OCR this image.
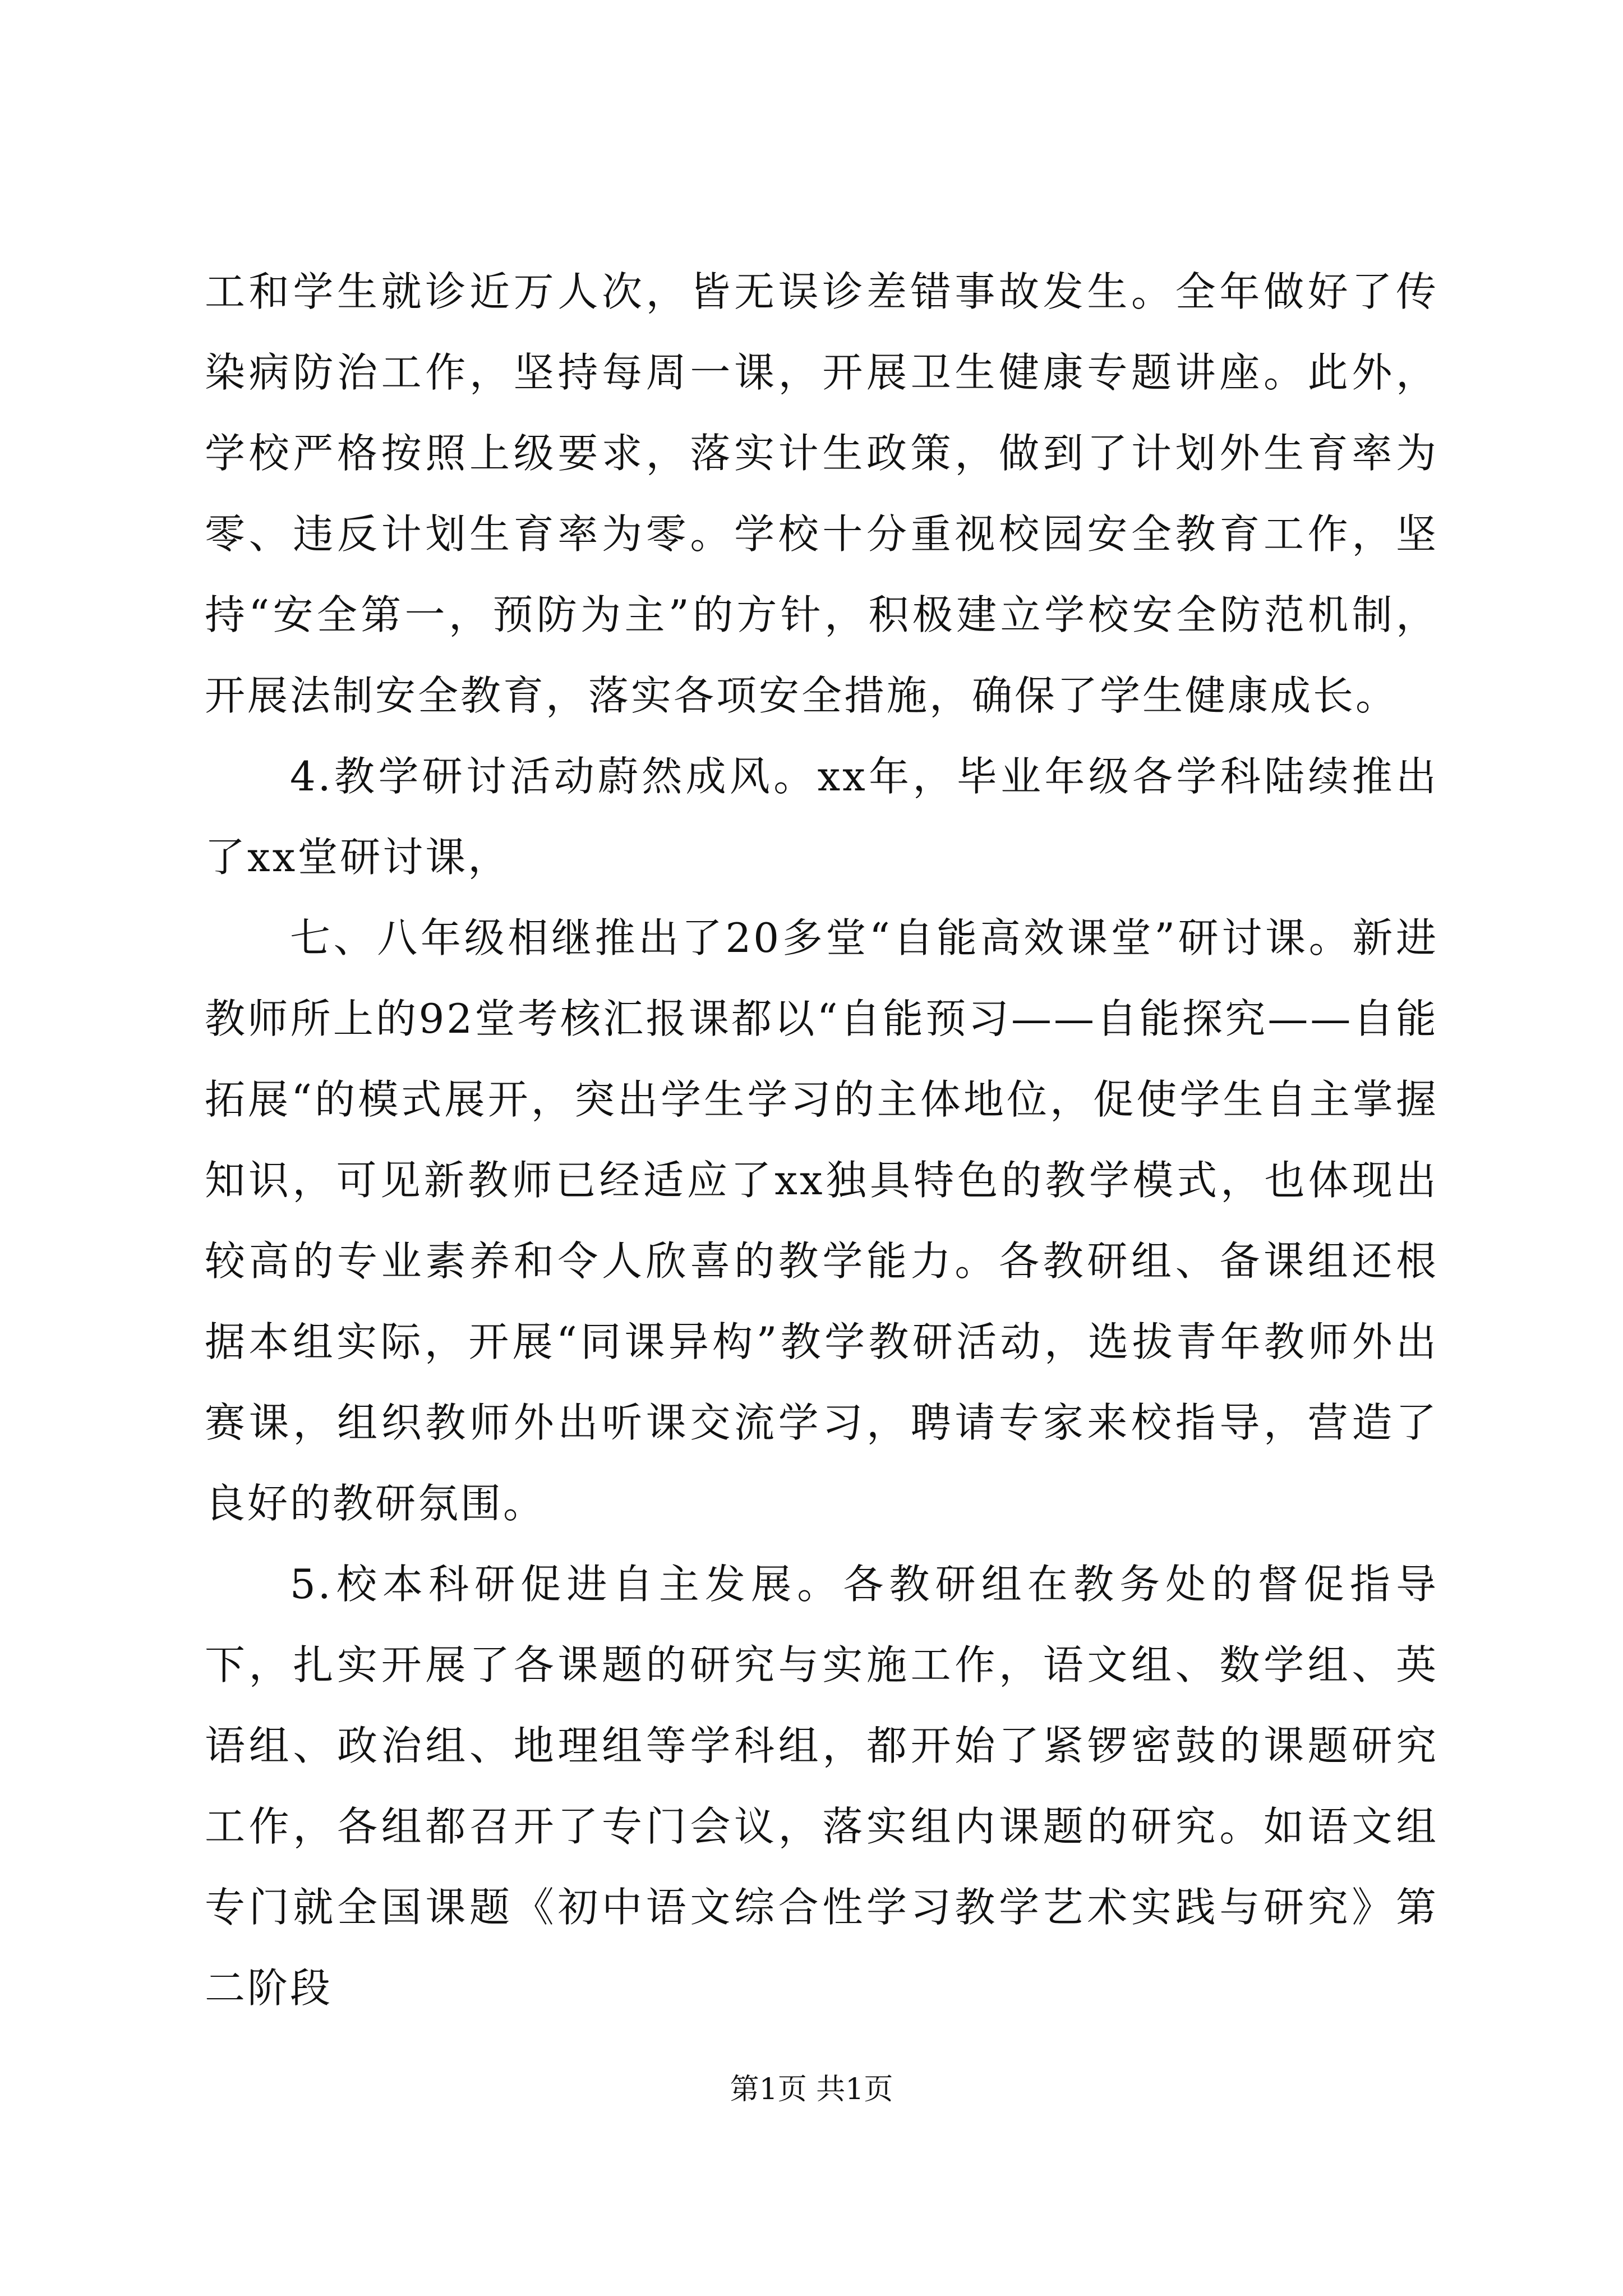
工和学生就诊近万人次，皆无误诊差错事故发生。全年做好了传染病防治工作，坚持每周一课，开展卫生健康专题讲座。此外，学校严格按照上级要求，落实计生政策，做到了计划外生育率为零、违反计划生育率为零。学校十分重视校园安全教育工作，坚持“安全第一，预防为主”的方针，积极建立学校安全防范机制，开展法制安全教育，落实各项安全措施，确保了学生健康成长。

4.教学研讨活动蔚然成风。xx年，毕业年级各学科陆续推出了xx堂研讨课，

七、八年级相继推出了20多堂“自能高效课堂”研讨课。新进教师所上的92堂考核汇报课都以“自能预习——自能探究——自能拓展“的模式展开，突出学生学习的主体地位，促使学生自主掌握知识，可见新教师已经适应了xx独具特色的教学模式，也体现出较高的专业素养和令人欣喜的教学能力。各教研组、备课组还根据本组实际，开展“同课异构”教学教研活动，选拔青年教师外出赛课，组织教师外出听课交流学习，聘请专家来校指导，营造了良好的教研氛围。

5.校本科研促进自主发展。各教研组在教务处的督促指导下，扎实开展了各课题的研究与实施工作，语文组、数学组、英语组、政治组、地理组等学科组，都开始了紧锣密鼓的课题研究工作，各组都召开了专门会议，落实组内课题的研究。如语文组专门就全国课题《初中语文综合性学习教学艺术实践与研究》第二阶段

第1页 共1页
